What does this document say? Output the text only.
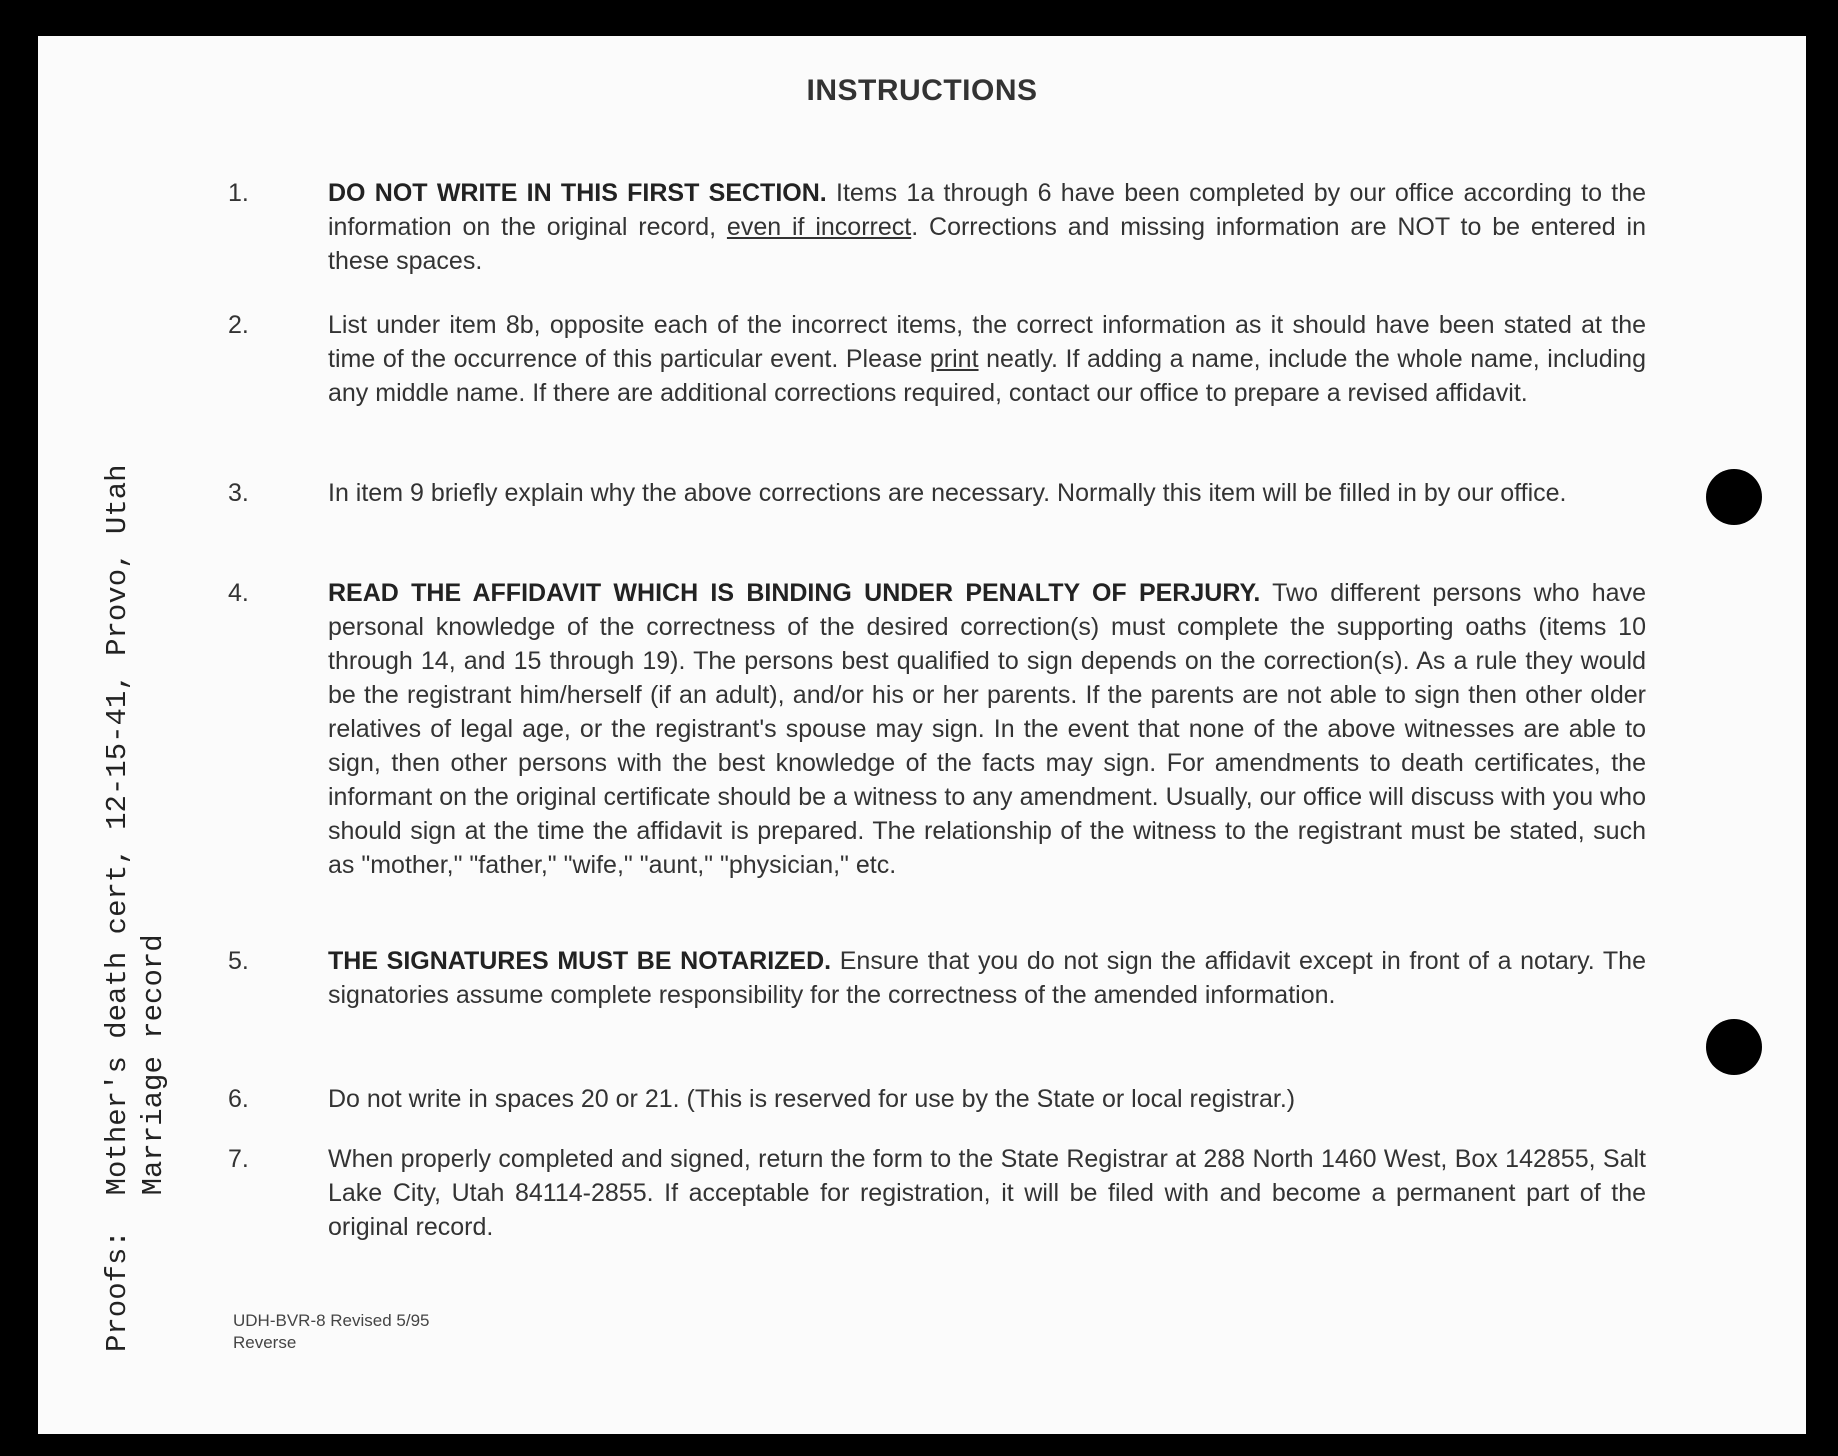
INSTRUCTIONS
1.	DO NOT WRITE IN THIS FIRST SECTION. Items 1a through 6 have been completed by our office according to the information on the original record, even if incorrect. Corrections and missing information are NOT to be entered in these spaces.
2.	List under item 8b, opposite each of the incorrect items, the correct information as it should have been stated at the time of the occurrence of this particular event. Please print neatly. If adding a name, include the whole name, including any middle name. If there are additional corrections required, contact our office to prepare a revised affidavit.
3.	In item 9 briefly explain why the above corrections are necessary. Normally this item will be filled in by our office.
4.	READ THE AFFIDAVIT WHICH IS BINDING UNDER PENALTY OF PERJURY. Two different persons who have personal knowledge of the correctness of the desired correction(s) must complete the supporting oaths (items 10 through 14, and 15 through 19). The persons best qualified to sign depends on the correction(s). As a rule they would be the registrant him/herself (if an adult), and/or his or her parents. If the parents are not able to sign then other older relatives of legal age, or the registrant's spouse may sign. In the event that none of the above witnesses are able to sign, then other persons with the best knowledge of the facts may sign. For amendments to death certificates, the informant on the original certificate should be a witness to any amendment. Usually, our office will discuss with you who should sign at the time the affidavit is prepared. The relationship of the witness to the registrant must be stated, such as "mother," "father," "wife," "aunt," "physician," etc.
5.	THE SIGNATURES MUST BE NOTARIZED. Ensure that you do not sign the affidavit except in front of a notary. The signatories assume complete responsibility for the correctness of the amended information.
6.	Do not write in spaces 20 or 21. (This is reserved for use by the State or local registrar.)
7.	When properly completed and signed, return the form to the State Registrar at 288 North 1460 West, Box 142855, Salt Lake City, Utah 84114-2855. If acceptable for registration, it will be filed with and become a permanent part of the original record.
UDH-BVR-8 Revised 5/95
Reverse
Proofs:  Mother's death cert, 12-15-41, Provo, Utah Marriage record
